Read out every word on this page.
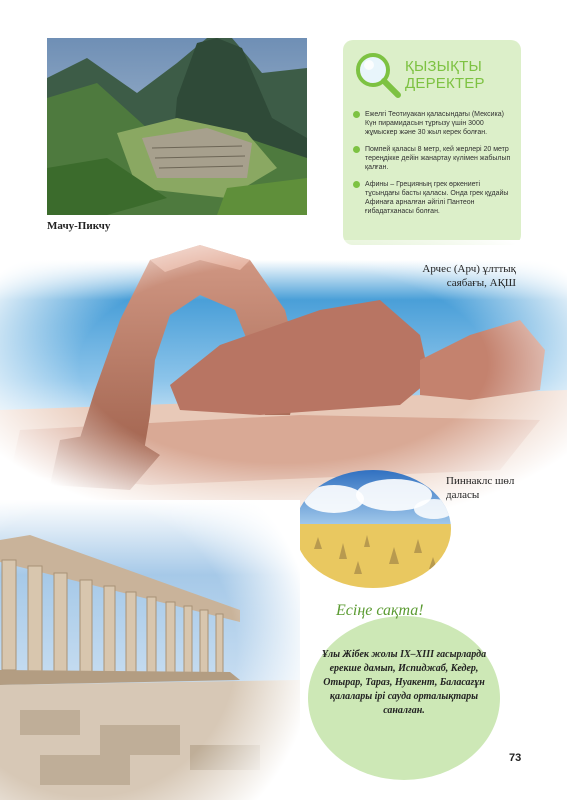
Мачу-Пикчу
ҚЫЗЫҚТЫ ДЕРЕКТЕР
Ежелгі Теотиуакан қаласындағы (Мексика) Күн пирамидасын тұрғызу үшін 3000 жұмыскер және 30 жыл керек болған.
Помпей қаласы 8 метр, кей жерлері 20 метр тереңдікке дейін жанартау күлімен жабылып қалған.
Афины – Грецияның грек өркениеті тұсындағы басты қаласы. Онда грек құдайы Афинаға арналған әйгілі Пантеон ғибадатханасы болған.
Арчес (Арч) ұлттық саябағы, АҚШ
Пиннаклс шөл даласы
Есіңе сақта!
Ұлы Жібек жолы IX–XIII ғасырларда ерекше дамып, Испиджаб, Кедер, Отырар, Тараз, Нуакент, Баласағұн қалалары ірі сауда орталықтары саналған.
73
